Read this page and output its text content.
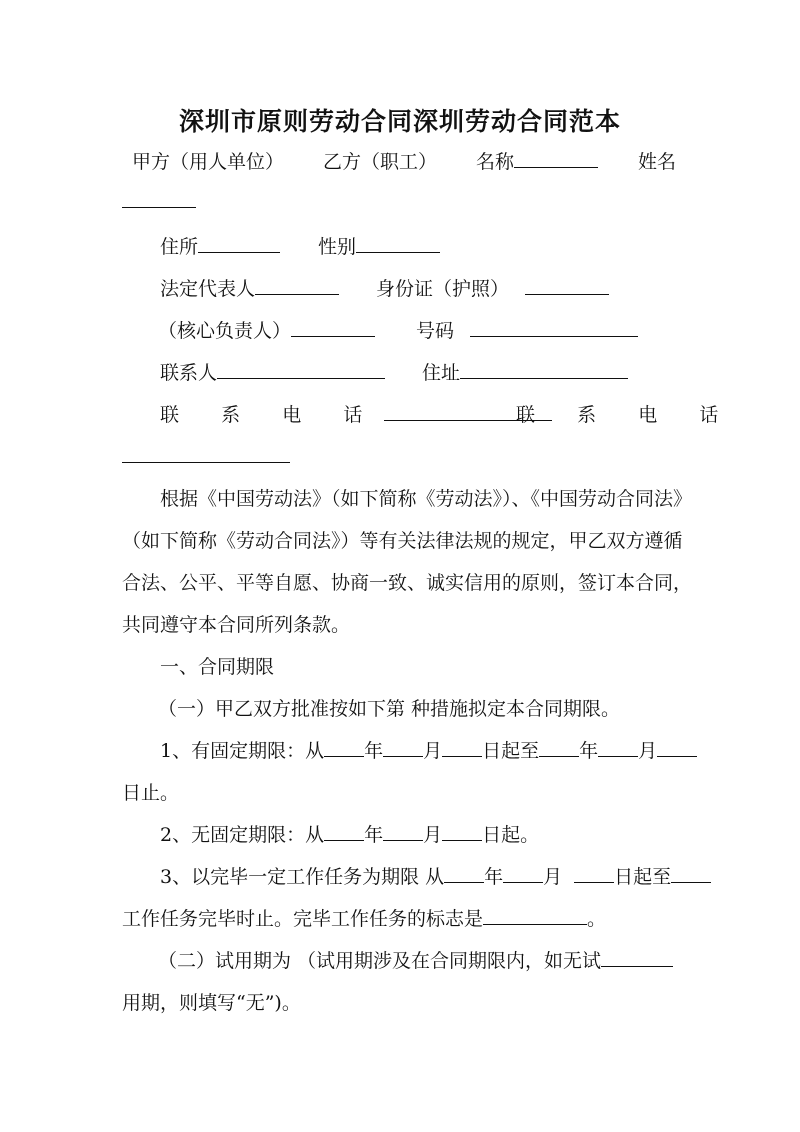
深圳市原则劳动合同深圳劳动合同范本
甲方（用人单位） 乙方（职工） 名称	姓名
住所	性别
法定代表人	身份证（护照）
（核心负责人）	号码
联系人	住址
联 系 电 话	联 系 电 话
根据《中国劳动法》（如下简称《劳动法》）、《中国劳动合同法》
（如下简称《劳动合同法》）等有关法律法规的规定，甲乙双方遵循
合法、公平、平等自愿、协商一致、诚实信用的原则，签订本合同，
共同遵守本合同所列条款。
一、合同期限
（一）甲乙双方批准按如下第 种措施拟定本合同期限。
1、有固定期限：从 年 月 日起至 年 月
日止。
2、无固定期限：从 年 月 日起。
3、以完毕一定工作任务为期限 从 年 月	日起至
工作任务完毕时止。完毕工作任务的标志是	。
（二）试用期为 （试用期涉及在合同期限内，如无试
用期，则填写“无”)。
